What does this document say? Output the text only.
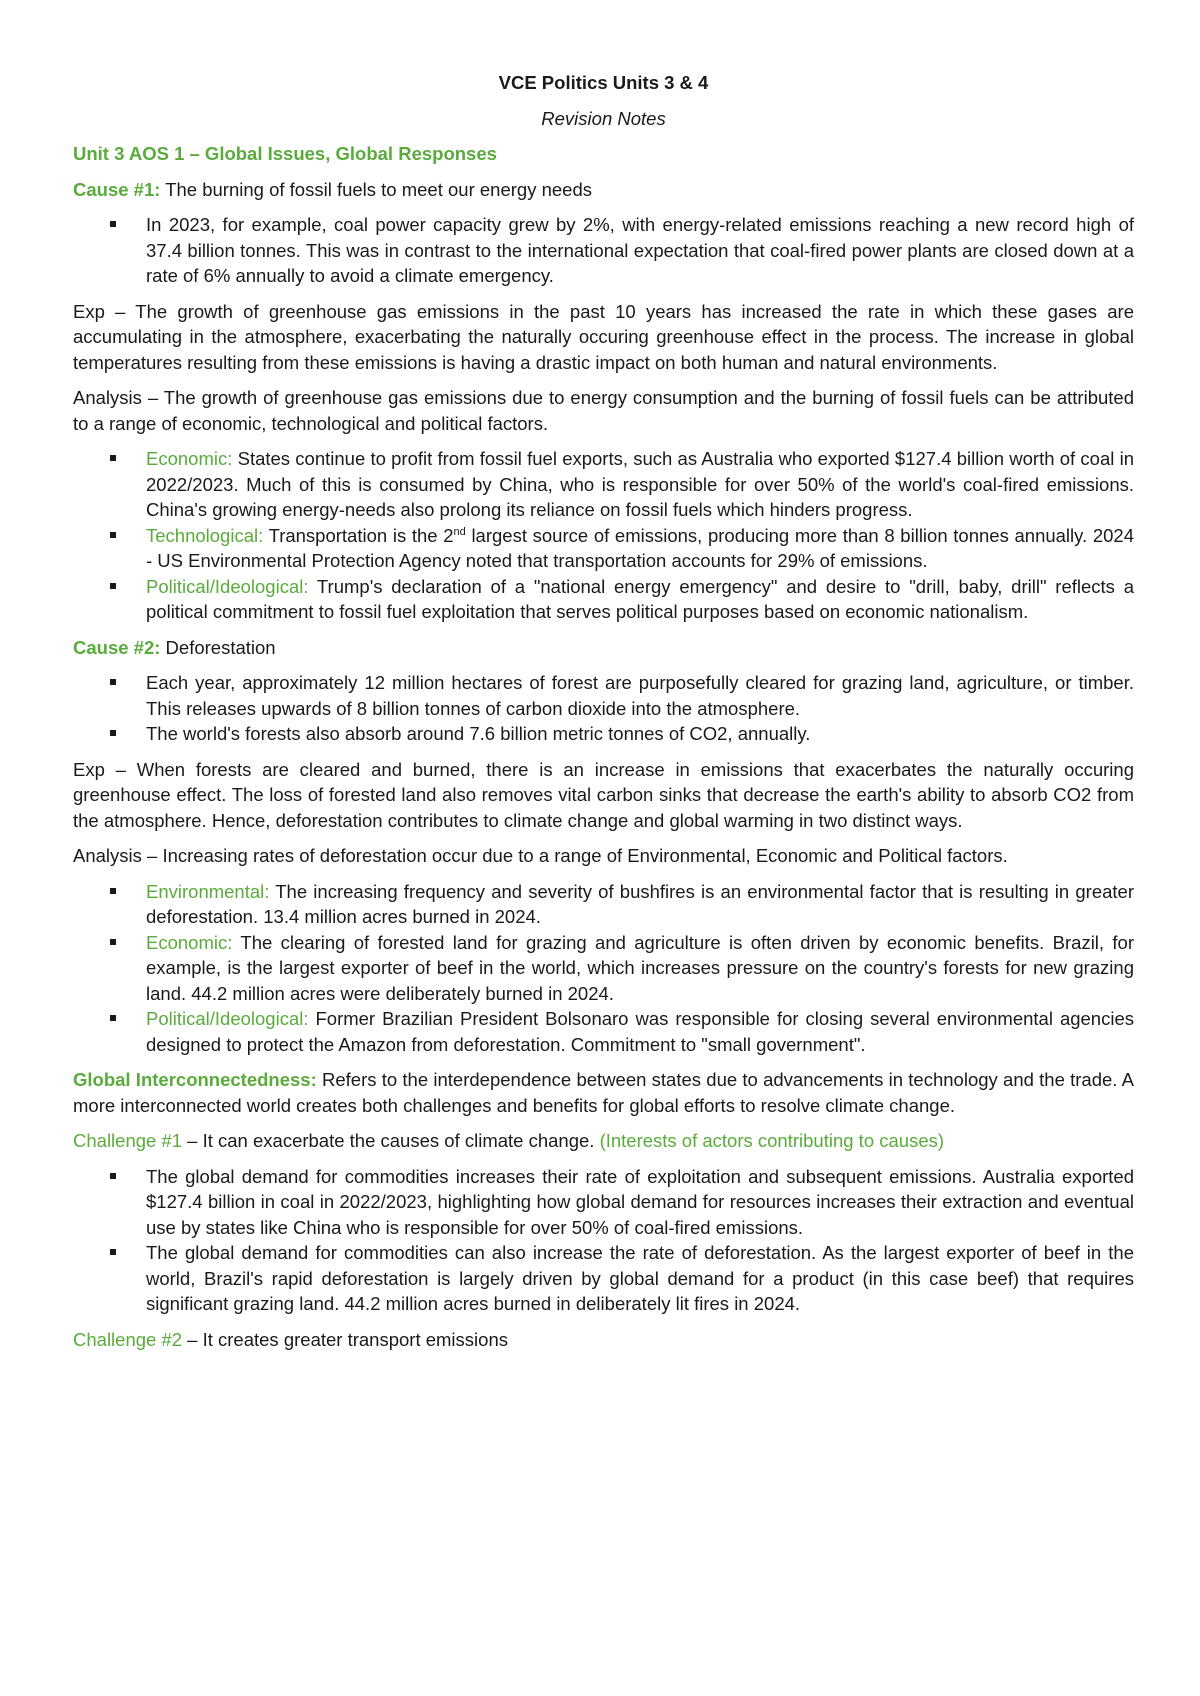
VCE Politics Units 3 & 4

Revision Notes

Unit 3 AOS 1 – Global Issues, Global Responses

Cause #1: The burning of fossil fuels to meet our energy needs

In 2023, for example, coal power capacity grew by 2%, with energy-related emissions reaching a new record high of 37.4 billion tonnes. This was in contrast to the international expectation that coal-fired power plants are closed down at a rate of 6% annually to avoid a climate emergency.

Exp – The growth of greenhouse gas emissions in the past 10 years has increased the rate in which these gases are accumulating in the atmosphere, exacerbating the naturally occuring greenhouse effect in the process. The increase in global temperatures resulting from these emissions is having a drastic impact on both human and natural environments.

Analysis – The growth of greenhouse gas emissions due to energy consumption and the burning of fossil fuels can be attributed to a range of economic, technological and political factors.

Economic: States continue to profit from fossil fuel exports, such as Australia who exported $127.4 billion worth of coal in 2022/2023. Much of this is consumed by China, who is responsible for over 50% of the world's coal-fired emissions. China's growing energy-needs also prolong its reliance on fossil fuels which hinders progress.
Technological: Transportation is the 2nd largest source of emissions, producing more than 8 billion tonnes annually. 2024 - US Environmental Protection Agency noted that transportation accounts for 29% of emissions.
Political/Ideological: Trump's declaration of a "national energy emergency" and desire to "drill, baby, drill" reflects a political commitment to fossil fuel exploitation that serves political purposes based on economic nationalism.

Cause #2: Deforestation

Each year, approximately 12 million hectares of forest are purposefully cleared for grazing land, agriculture, or timber. This releases upwards of 8 billion tonnes of carbon dioxide into the atmosphere.
The world's forests also absorb around 7.6 billion metric tonnes of CO2, annually.

Exp – When forests are cleared and burned, there is an increase in emissions that exacerbates the naturally occuring greenhouse effect. The loss of forested land also removes vital carbon sinks that decrease the earth's ability to absorb CO2 from the atmosphere. Hence, deforestation contributes to climate change and global warming in two distinct ways.

Analysis – Increasing rates of deforestation occur due to a range of Environmental, Economic and Political factors.

Environmental: The increasing frequency and severity of bushfires is an environmental factor that is resulting in greater deforestation. 13.4 million acres burned in 2024.
Economic: The clearing of forested land for grazing and agriculture is often driven by economic benefits. Brazil, for example, is the largest exporter of beef in the world, which increases pressure on the country's forests for new grazing land. 44.2 million acres were deliberately burned in 2024.
Political/Ideological: Former Brazilian President Bolsonaro was responsible for closing several environmental agencies designed to protect the Amazon from deforestation. Commitment to "small government".

Global Interconnectedness: Refers to the interdependence between states due to advancements in technology and the trade. A more interconnected world creates both challenges and benefits for global efforts to resolve climate change.

Challenge #1 – It can exacerbate the causes of climate change. (Interests of actors contributing to causes)

The global demand for commodities increases their rate of exploitation and subsequent emissions. Australia exported $127.4 billion in coal in 2022/2023, highlighting how global demand for resources increases their extraction and eventual use by states like China who is responsible for over 50% of coal-fired emissions.
The global demand for commodities can also increase the rate of deforestation. As the largest exporter of beef in the world, Brazil's rapid deforestation is largely driven by global demand for a product (in this case beef) that requires significant grazing land. 44.2 million acres burned in deliberately lit fires in 2024.

Challenge #2 – It creates greater transport emissions
